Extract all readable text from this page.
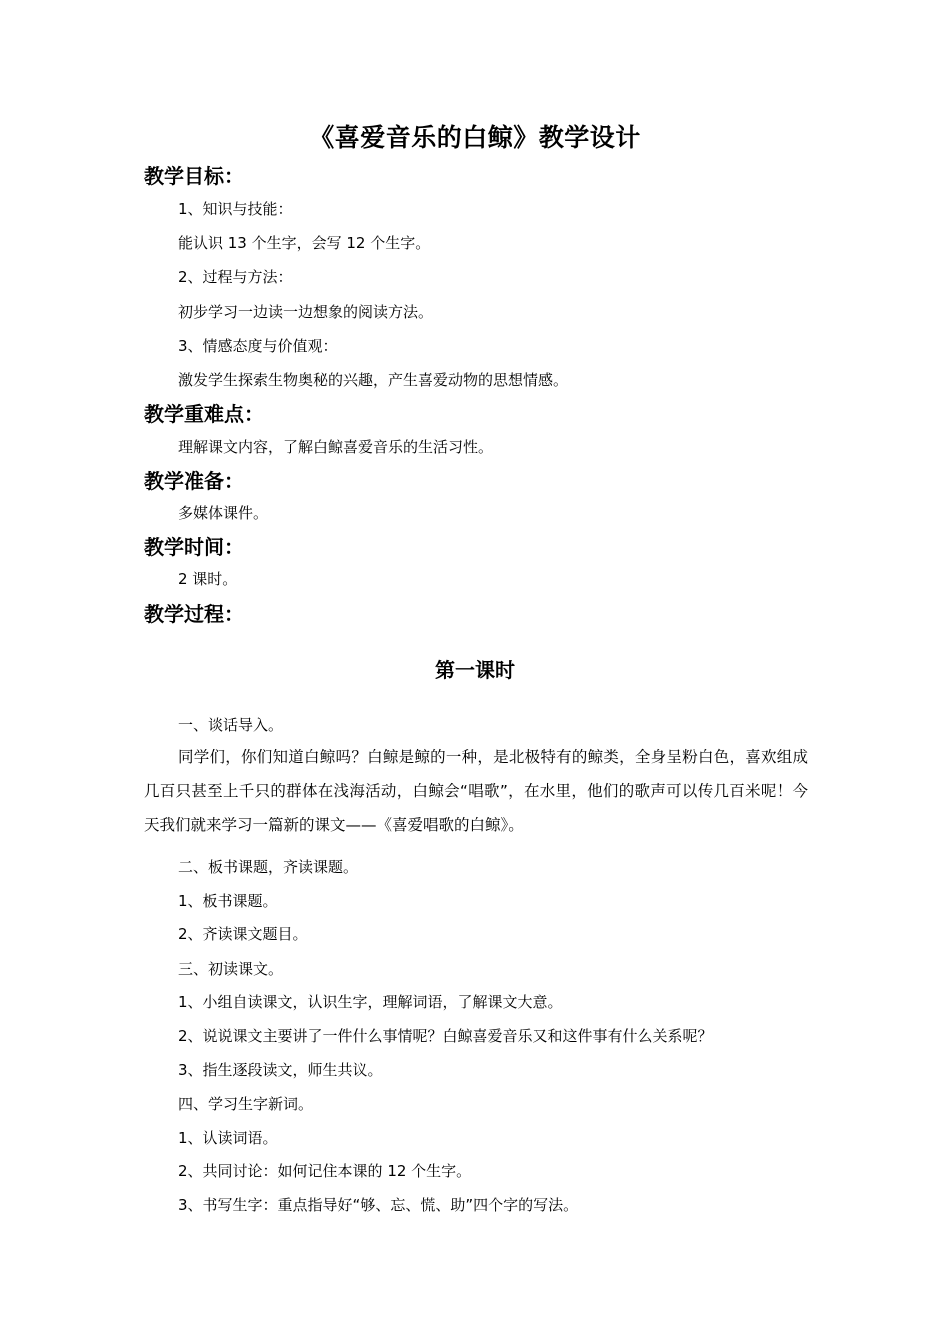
《喜爱音乐的白鲸》教学设计
教学目标：
1、知识与技能：
能认识 13 个生字，会写 12 个生字。
2、过程与方法：
初步学习一边读一边想象的阅读方法。
3、情感态度与价值观：
激发学生探索生物奥秘的兴趣，产生喜爱动物的思想情感。
教学重难点：
理解课文内容，了解白鲸喜爱音乐的生活习性。
教学准备：
多媒体课件。
教学时间：
2 课时。
教学过程：
第一课时
一、谈话导入。
同学们，你们知道白鲸吗？白鲸是鲸的一种，是北极特有的鲸类，全身呈粉白色，喜欢组成几百只甚至上千只的群体在浅海活动，白鲸会“唱歌”，在水里，他们的歌声可以传几百米呢！今天我们就来学习一篇新的课文——《喜爱唱歌的白鲸》。
二、板书课题，齐读课题。
1、板书课题。
2、齐读课文题目。
三、初读课文。
1、小组自读课文，认识生字，理解词语，了解课文大意。
2、说说课文主要讲了一件什么事情呢？白鲸喜爱音乐又和这件事有什么关系呢？
3、指生逐段读文，师生共议。
四、学习生字新词。
1、认读词语。
2、共同讨论：如何记住本课的 12 个生字。
3、书写生字：重点指导好“够、忘、慌、助”四个字的写法。
